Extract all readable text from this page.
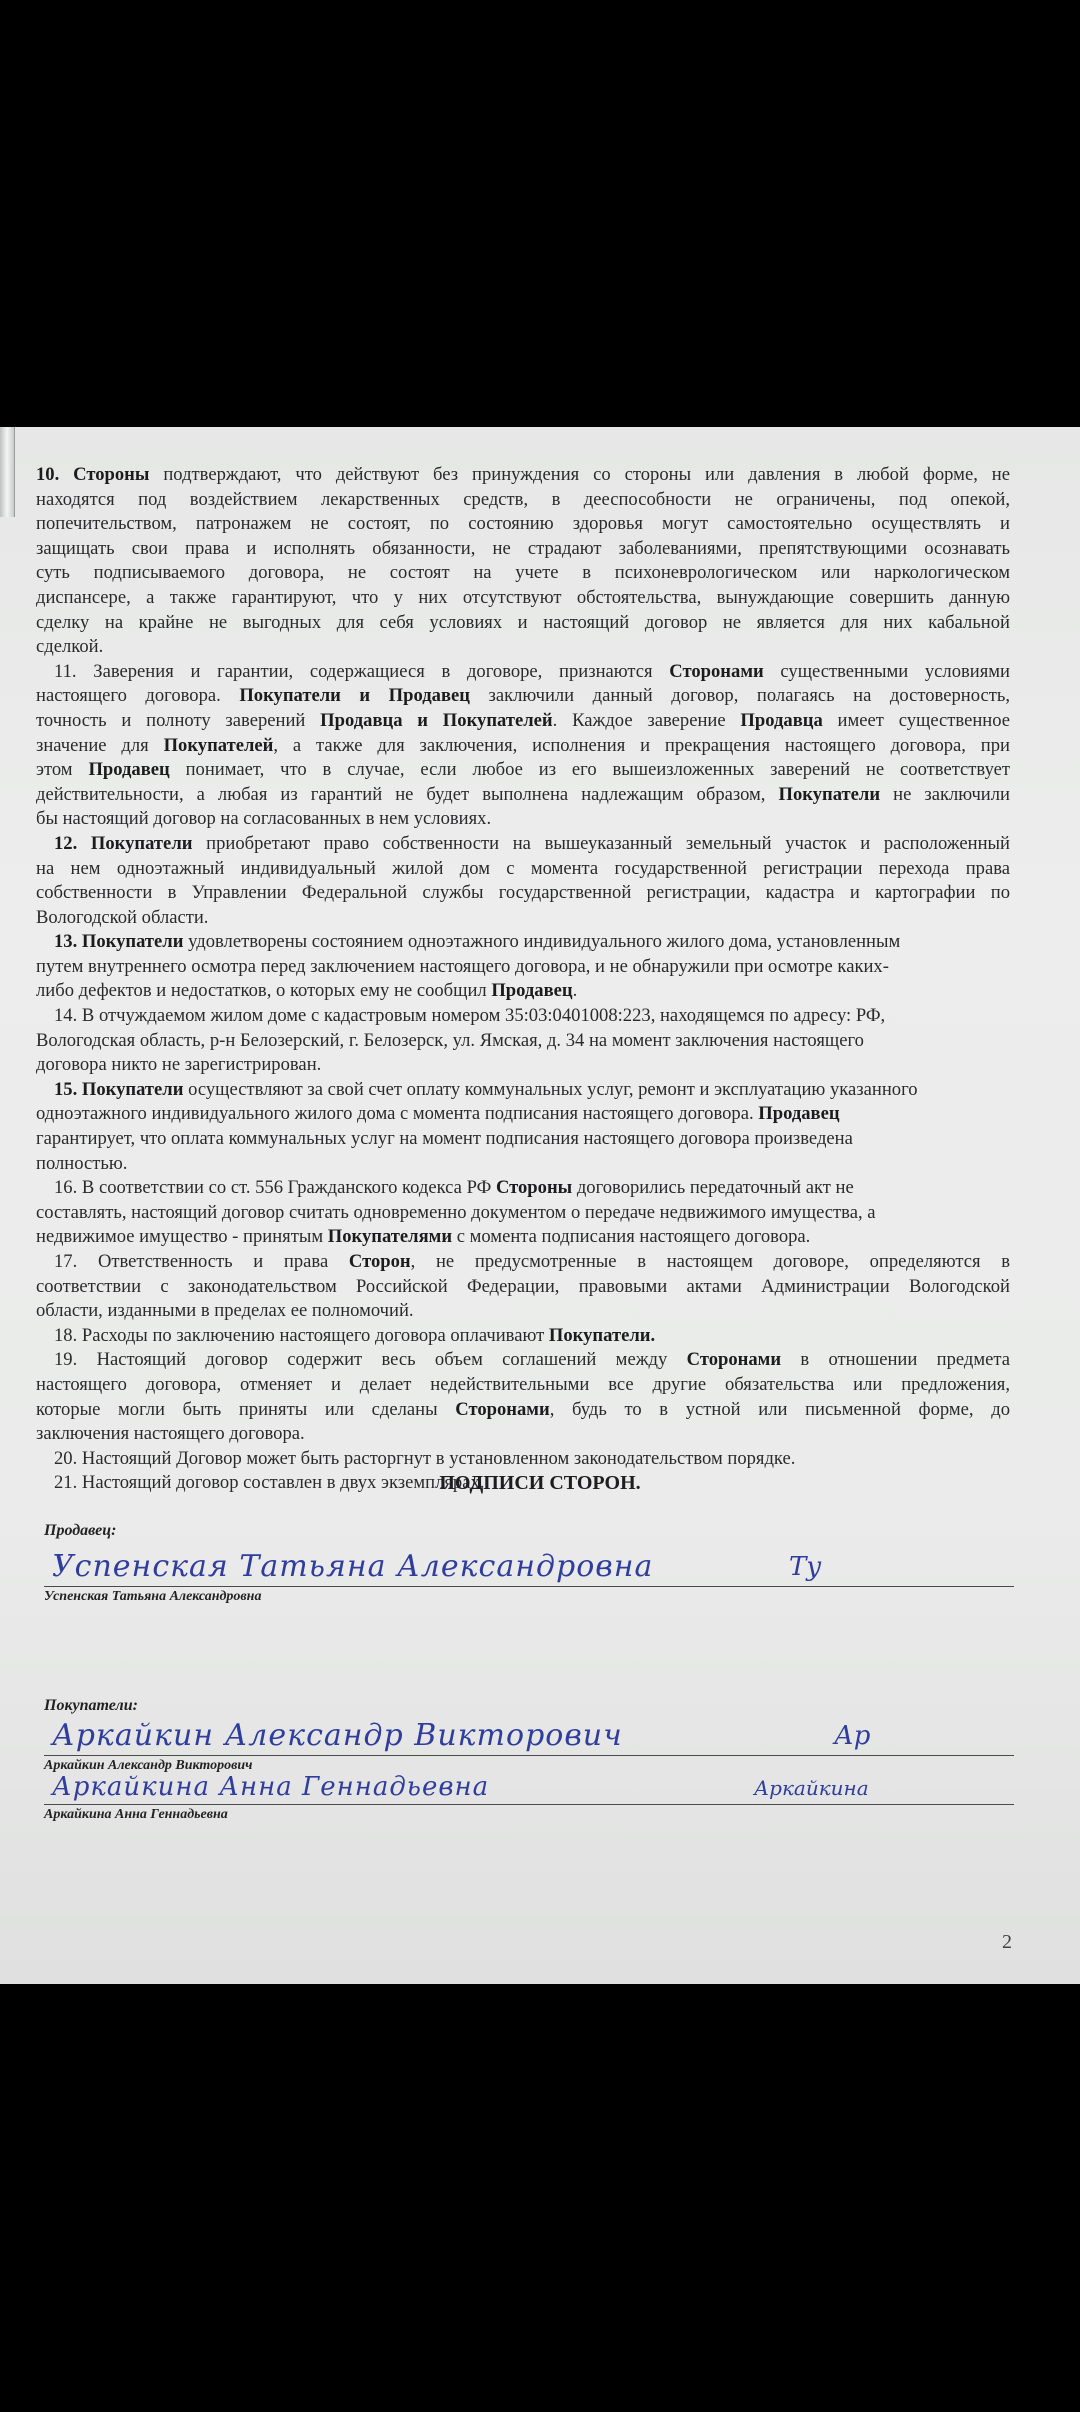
10. Стороны подтверждают, что действуют без принуждения со стороны или давления в любой форме, не
находятся под воздействием лекарственных средств, в дееспособности не ограничены, под опекой,
попечительством, патронажем не состоят, по состоянию здоровья могут самостоятельно осуществлять и
защищать свои права и исполнять обязанности, не страдают заболеваниями, препятствующими осознавать
суть подписываемого договора, не состоят на учете в психоневрологическом или наркологическом
диспансере, а также гарантируют, что у них отсутствуют обстоятельства, вынуждающие совершить данную
сделку на крайне не выгодных для себя условиях и настоящий договор не является для них кабальной
сделкой.
11. Заверения и гарантии, содержащиеся в договоре, признаются Сторонами существенными условиями
настоящего договора. Покупатели и Продавец заключили данный договор, полагаясь на достоверность,
точность и полноту заверений Продавца и Покупателей. Каждое заверение Продавца имеет существенное
значение для Покупателей, а также для заключения, исполнения и прекращения настоящего договора, при
этом Продавец понимает, что в случае, если любое из его вышеизложенных заверений не соответствует
действительности, а любая из гарантий не будет выполнена надлежащим образом, Покупатели не заключили
бы настоящий договор на согласованных в нем условиях.
12. Покупатели приобретают право собственности на вышеуказанный земельный участок и расположенный
на нем одноэтажный индивидуальный жилой дом с момента государственной регистрации перехода права
собственности в Управлении Федеральной службы государственной регистрации, кадастра и картографии по
Вологодской области.
13. Покупатели удовлетворены состоянием одноэтажного индивидуального жилого дома, установленным
путем внутреннего осмотра перед заключением настоящего договора, и не обнаружили при осмотре каких-
либо дефектов и недостатков, о которых ему не сообщил Продавец.
14. В отчуждаемом жилом доме с кадастровым номером 35:03:0401008:223, находящемся по адресу: РФ,
Вологодская область, р-н Белозерский, г. Белозерск, ул. Ямская, д. 34 на момент заключения настоящего
договора никто не зарегистрирован.
15. Покупатели осуществляют за свой счет оплату коммунальных услуг, ремонт и эксплуатацию указанного
одноэтажного индивидуального жилого дома с момента подписания настоящего договора. Продавец
гарантирует, что оплата коммунальных услуг на момент подписания настоящего договора произведена
полностью.
16. В соответствии со ст. 556 Гражданского кодекса РФ Стороны договорились передаточный акт не
составлять, настоящий договор считать одновременно документом о передаче недвижимого имущества, а
недвижимое имущество - принятым Покупателями с момента подписания настоящего договора.
17. Ответственность и права Сторон, не предусмотренные в настоящем договоре, определяются в
соответствии с законодательством Российской Федерации, правовыми актами Администрации Вологодской
области, изданными в пределах ее полномочий.
18. Расходы по заключению настоящего договора оплачивают Покупатели.
19. Настоящий договор содержит весь объем соглашений между Сторонами в отношении предмета
настоящего договора, отменяет и делает недействительными все другие обязательства или предложения,
которые могли быть приняты или сделаны Сторонами, будь то в устной или письменной форме, до
заключения настоящего договора.
20. Настоящий Договор может быть расторгнут в установленном законодательством порядке.
21. Настоящий договор составлен в двух экземплярах.
ПОДПИСИ СТОРОН.
Продавец:
Успенская Татьяна Александровна	Ту
Успенская Татьяна Александровна
Покупатели:
Аркайкин Александр Викторович	Ар
Аркайкин Александр Викторович
Аркайкина Анна Геннадьевна	Аркайкина
Аркайкина Анна Геннадьевна
2
